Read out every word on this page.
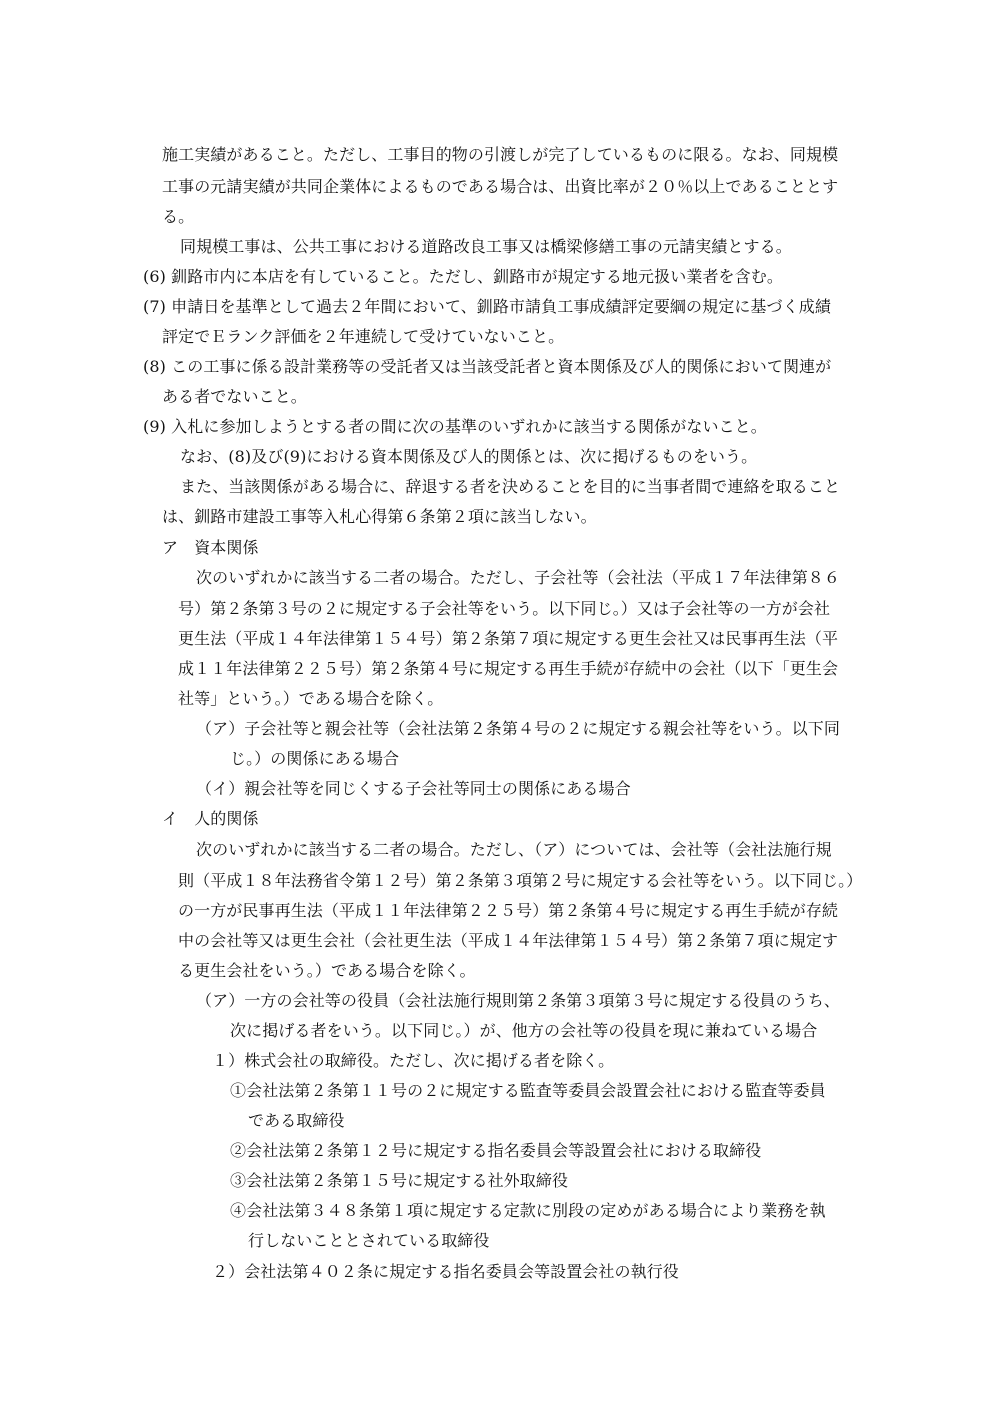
施工実績があること。ただし、工事目的物の引渡しが完了しているものに限る。なお、同規模
工事の元請実績が共同企業体によるものである場合は、出資比率が２０％以上であることとす
る。
同規模工事は、公共工事における道路改良工事又は橋梁修繕工事の元請実績とする。
(6) 釧路市内に本店を有していること。ただし、釧路市が規定する地元扱い業者を含む。
(7) 申請日を基準として過去２年間において、釧路市請負工事成績評定要綱の規定に基づく成績
評定でＥランク評価を２年連続して受けていないこと。
(8) この工事に係る設計業務等の受託者又は当該受託者と資本関係及び人的関係において関連が
ある者でないこと。
(9) 入札に参加しようとする者の間に次の基準のいずれかに該当する関係がないこと。
なお、(8)及び(9)における資本関係及び人的関係とは、次に掲げるものをいう。
また、当該関係がある場合に、辞退する者を決めることを目的に当事者間で連絡を取ること
は、釧路市建設工事等入札心得第６条第２項に該当しない。
ア　資本関係
次のいずれかに該当する二者の場合。ただし、子会社等（会社法（平成１７年法律第８６
号）第２条第３号の２に規定する子会社等をいう。以下同じ。）又は子会社等の一方が会社
更生法（平成１４年法律第１５４号）第２条第７項に規定する更生会社又は民事再生法（平
成１１年法律第２２５号）第２条第４号に規定する再生手続が存続中の会社（以下「更生会
社等」という。）である場合を除く。
（ア）子会社等と親会社等（会社法第２条第４号の２に規定する親会社等をいう。以下同
じ。）の関係にある場合
（イ）親会社等を同じくする子会社等同士の関係にある場合
イ　人的関係
次のいずれかに該当する二者の場合。ただし、（ア）については、会社等（会社法施行規
則（平成１８年法務省令第１２号）第２条第３項第２号に規定する会社等をいう。以下同じ。）
の一方が民事再生法（平成１１年法律第２２５号）第２条第４号に規定する再生手続が存続
中の会社等又は更生会社（会社更生法（平成１４年法律第１５４号）第２条第７項に規定す
る更生会社をいう。）である場合を除く。
（ア）一方の会社等の役員（会社法施行規則第２条第３項第３号に規定する役員のうち、
次に掲げる者をいう。以下同じ。）が、他方の会社等の役員を現に兼ねている場合
１）株式会社の取締役。ただし、次に掲げる者を除く。
①会社法第２条第１１号の２に規定する監査等委員会設置会社における監査等委員
である取締役
②会社法第２条第１２号に規定する指名委員会等設置会社における取締役
③会社法第２条第１５号に規定する社外取締役
④会社法第３４８条第１項に規定する定款に別段の定めがある場合により業務を執
行しないこととされている取締役
２）会社法第４０２条に規定する指名委員会等設置会社の執行役
